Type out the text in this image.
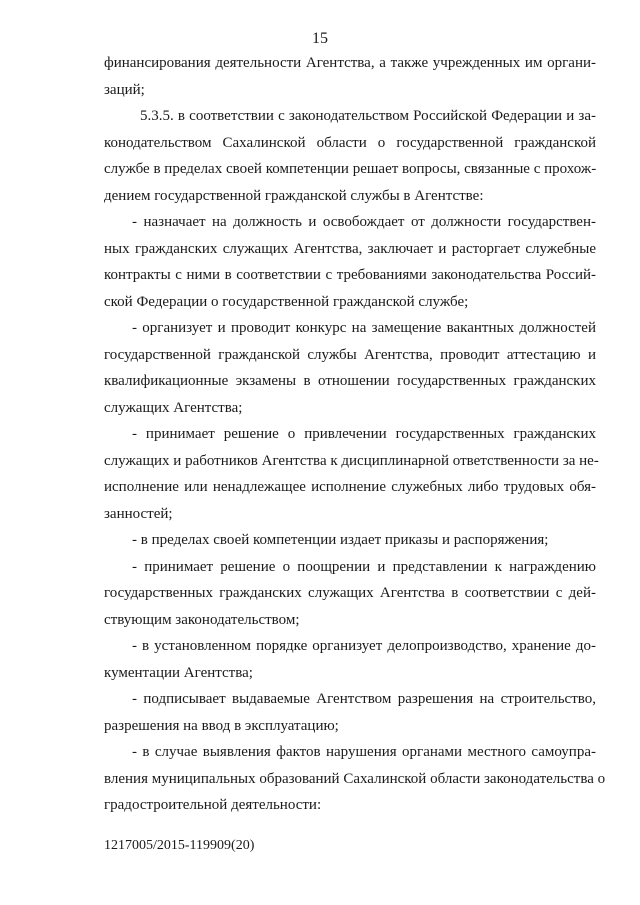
15
финансирования деятельности Агентства, а также учрежденных им органи-
заций;
5.3.5. в соответствии с законодательством Российской Федерации и за-
конодательством Сахалинской области о государственной гражданской
службе в пределах своей компетенции решает вопросы, связанные с прохож-
дением государственной гражданской службы в Агентстве:
- назначает на должность и освобождает от должности государствен-
ных гражданских служащих Агентства, заключает и расторгает служебные
контракты с ними в соответствии с требованиями законодательства Россий-
ской Федерации о государственной гражданской службе;
- организует и проводит конкурс на замещение вакантных должностей
государственной гражданской службы Агентства, проводит аттестацию и
квалификационные экзамены в отношении государственных гражданских
служащих Агентства;
- принимает решение о привлечении государственных гражданских
служащих и работников Агентства к дисциплинарной ответственности за не-
исполнение или ненадлежащее исполнение служебных либо трудовых обя-
занностей;
- в пределах своей компетенции издает приказы и распоряжения;
- принимает решение о поощрении и представлении к награждению
государственных гражданских служащих Агентства в соответствии с дей-
ствующим законодательством;
- в установленном порядке организует делопроизводство, хранение до-
кументации Агентства;
- подписывает выдаваемые Агентством разрешения на строительство,
разрешения на ввод в эксплуатацию;
- в случае выявления фактов нарушения органами местного самоупра-
вления муниципальных образований Сахалинской области законодательства о
градостроительной деятельности:
1217005/2015-119909(20)
